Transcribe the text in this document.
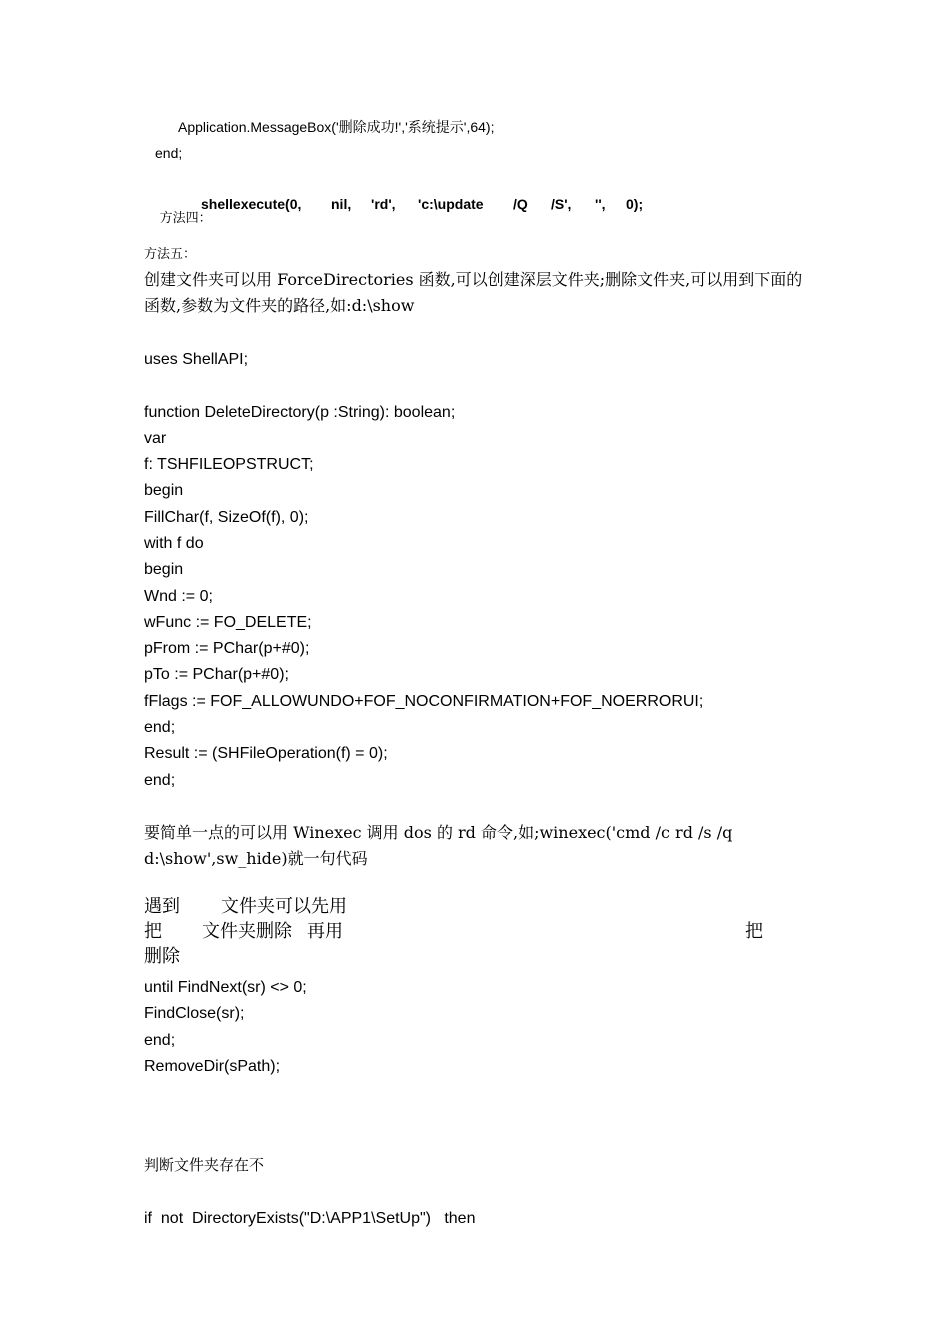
Application.MessageBox('删除成功!','系统提示',64);
end;

方法四：

shellexecute(0, nil, 'rd', 'c:\update /Q /S', '', 0);
方法五：
创建文件夹可以用 ForceDirectories 函数,可以创建深层文件夹;删除文件夹,可以用到下面的
函数,参数为文件夹的路径,如:d:\show
uses ShellAPI;
function DeleteDirectory(p :String): boolean;
var
f: TSHFILEOPSTRUCT;
begin
FillChar(f, SizeOf(f), 0);
with f do
begin
Wnd := 0;
wFunc := FO_DELETE;
pFrom := PChar(p+#0);
pTo := PChar(p+#0);
fFlags := FOF_ALLOWUNDO+FOF_NOCONFIRMATION+FOF_NOERRORUI;
end;
Result := (SHFileOperation(f) = 0);
end;
要简单一点的可以用 Winexec 调用 dos 的 rd 命令,如;winexec('cmd /c rd /s /q
d:\show',sw_hide)就一句代码
遇到 文件夹可以先用
把 文件夹删除 再用	把
删除
until FindNext(sr) <> 0;
FindClose(sr);
end;
RemoveDir(sPath);
判断文件夹存在不
if  not  DirectoryExists("D:\APP1\SetUp")   then
